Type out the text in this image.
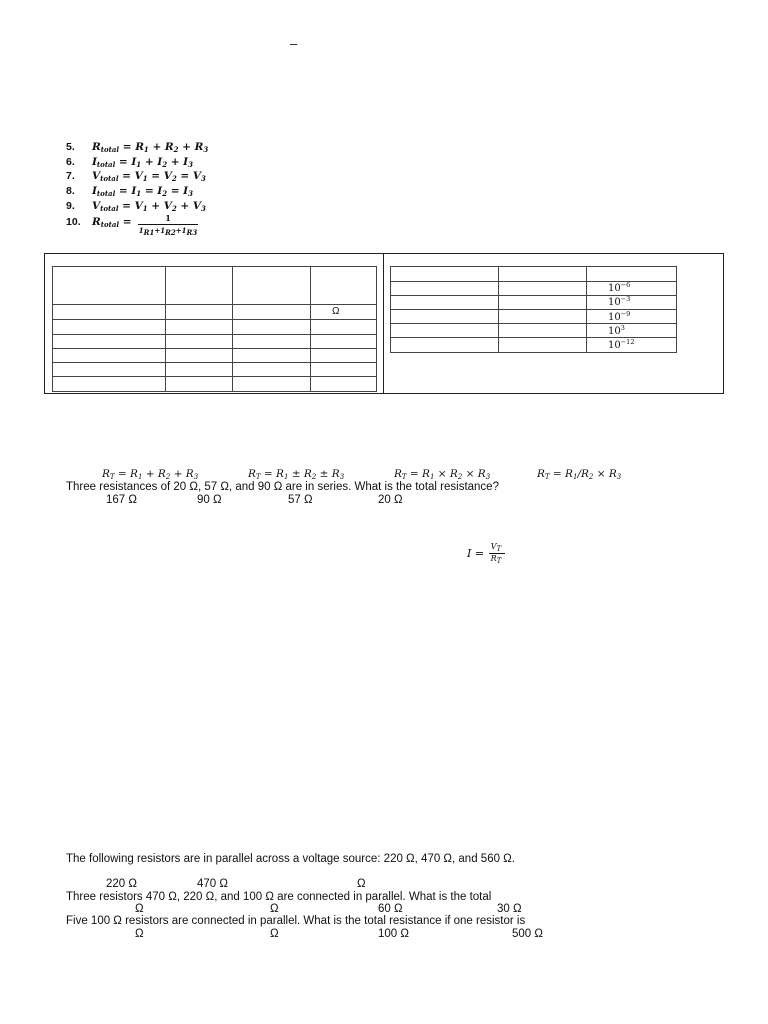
–
5. $R_{total} = R_1 + R_2 + R_3$
6. $I_{total} = I_1 + I_2 + I_3$
7. $V_{total} = V_1 = V_2 = V_3$
8. $I_{total} = I_1 = I_2 = I_3$
9. $V_{total} = V_1 + V_2 + V_3$
10. $R_{total}$ =	1
$1_{R1}+1_{R2}+1_{R3}$
Ω
$10^{-6}$
$10^{-3}$
$10^{-9}$
$10^3$
$10^{-12}$
$R_T = R_1 + R_2 + R_3$	$R_T = R_1 \pm R_2 \pm R_3$	$R_T = R_1 \times R_2 \times R_3$	$R_T = R_1/R_2 \times R_3$
Three resistances of 20 Ω, 57 Ω, and 90 Ω are in series. What is the total resistance?
167 Ω	90 Ω	57 Ω	20 Ω
I =
$V_T$
$R_T$
The following resistors are in parallel across a voltage source: 220 Ω, 470 Ω, and 560 Ω.
220 Ω	470 Ω	Ω
Three resistors 470 Ω, 220 Ω, and 100 Ω are connected in parallel. What is the total
Ω	Ω	60 Ω	30 Ω
Five 100 Ω resistors are connected in parallel. What is the total resistance if one resistor is
Ω	Ω	100 Ω	500 Ω
